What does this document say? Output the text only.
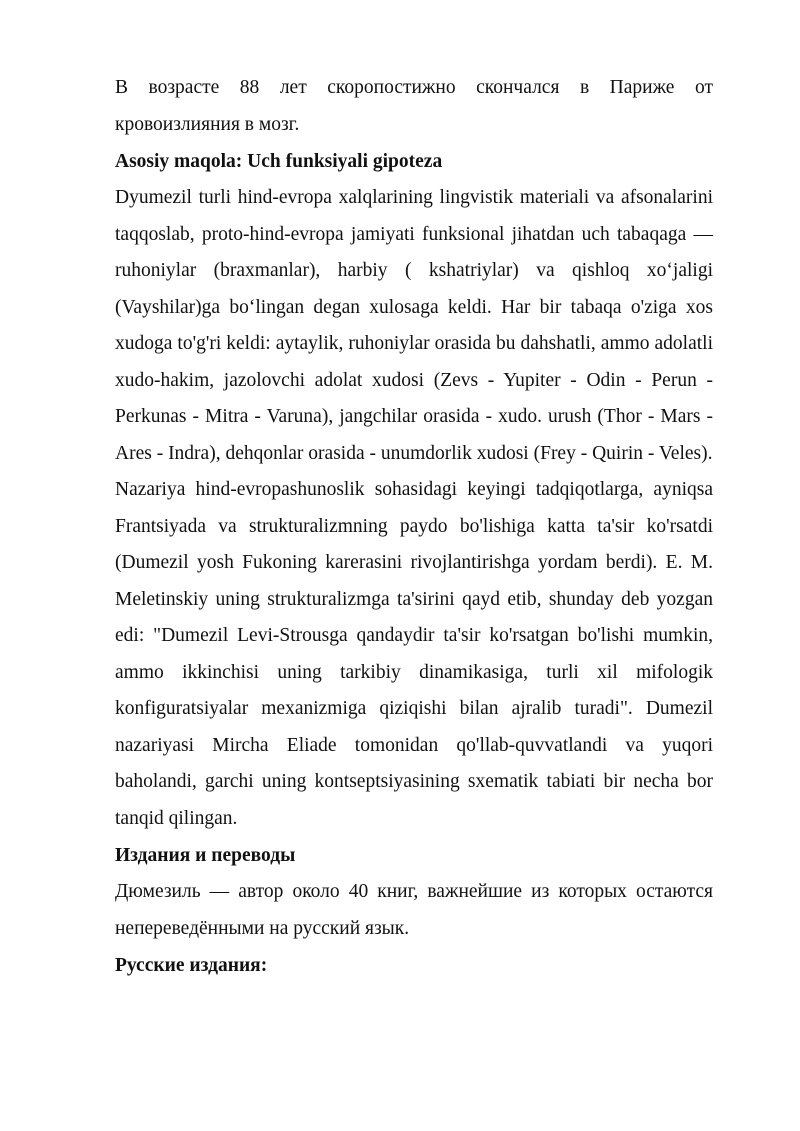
В возрасте 88 лет скоропостижно скончался в Париже от кровоизлияния в мозг.

Asosiy maqola: Uch funksiyali gipoteza

Dyumezil turli hind-evropa xalqlarining lingvistik materiali va afsonalarini taqqoslab, proto-hind-evropa jamiyati funksional jihatdan uch tabaqaga — ruhoniylar (braxmanlar), harbiy ( kshatriylar) va qishloq xo‘jaligi (Vayshilar)ga bo‘lingan degan xulosaga keldi. Har bir tabaqa o'ziga xos xudoga to'g'ri keldi: aytaylik, ruhoniylar orasida bu dahshatli, ammo adolatli xudo-hakim, jazolovchi adolat xudosi (Zevs - Yupiter - Odin - Perun - Perkunas - Mitra - Varuna), jangchilar orasida - xudo. urush (Thor - Mars - Ares - Indra), dehqonlar orasida - unumdorlik xudosi (Frey - Quirin - Veles).

Nazariya hind-evropashunoslik sohasidagi keyingi tadqiqotlarga, ayniqsa Frantsiyada va strukturalizmning paydo bo'lishiga katta ta'sir ko'rsatdi (Dumezil yosh Fukoning karerasini rivojlantirishga yordam berdi). E. M. Meletinskiy uning strukturalizmga ta'sirini qayd etib, shunday deb yozgan edi: "Dumezil Levi-Strousga qandaydir ta'sir ko'rsatgan bo'lishi mumkin, ammo ikkinchisi uning tarkibiy dinamikasiga, turli xil mifologik konfiguratsiyalar mexanizmiga qiziqishi bilan ajralib turadi". Dumezil nazariyasi Mircha Eliade tomonidan qo'llab-quvvatlandi va yuqori baholandi, garchi uning kontseptsiyasining sxematik tabiati bir necha bor tanqid qilingan.

Издания и переводы

Дюмезиль — автор около 40 книг, важнейшие из которых остаются непереведёнными на русский язык.

Русские издания:
